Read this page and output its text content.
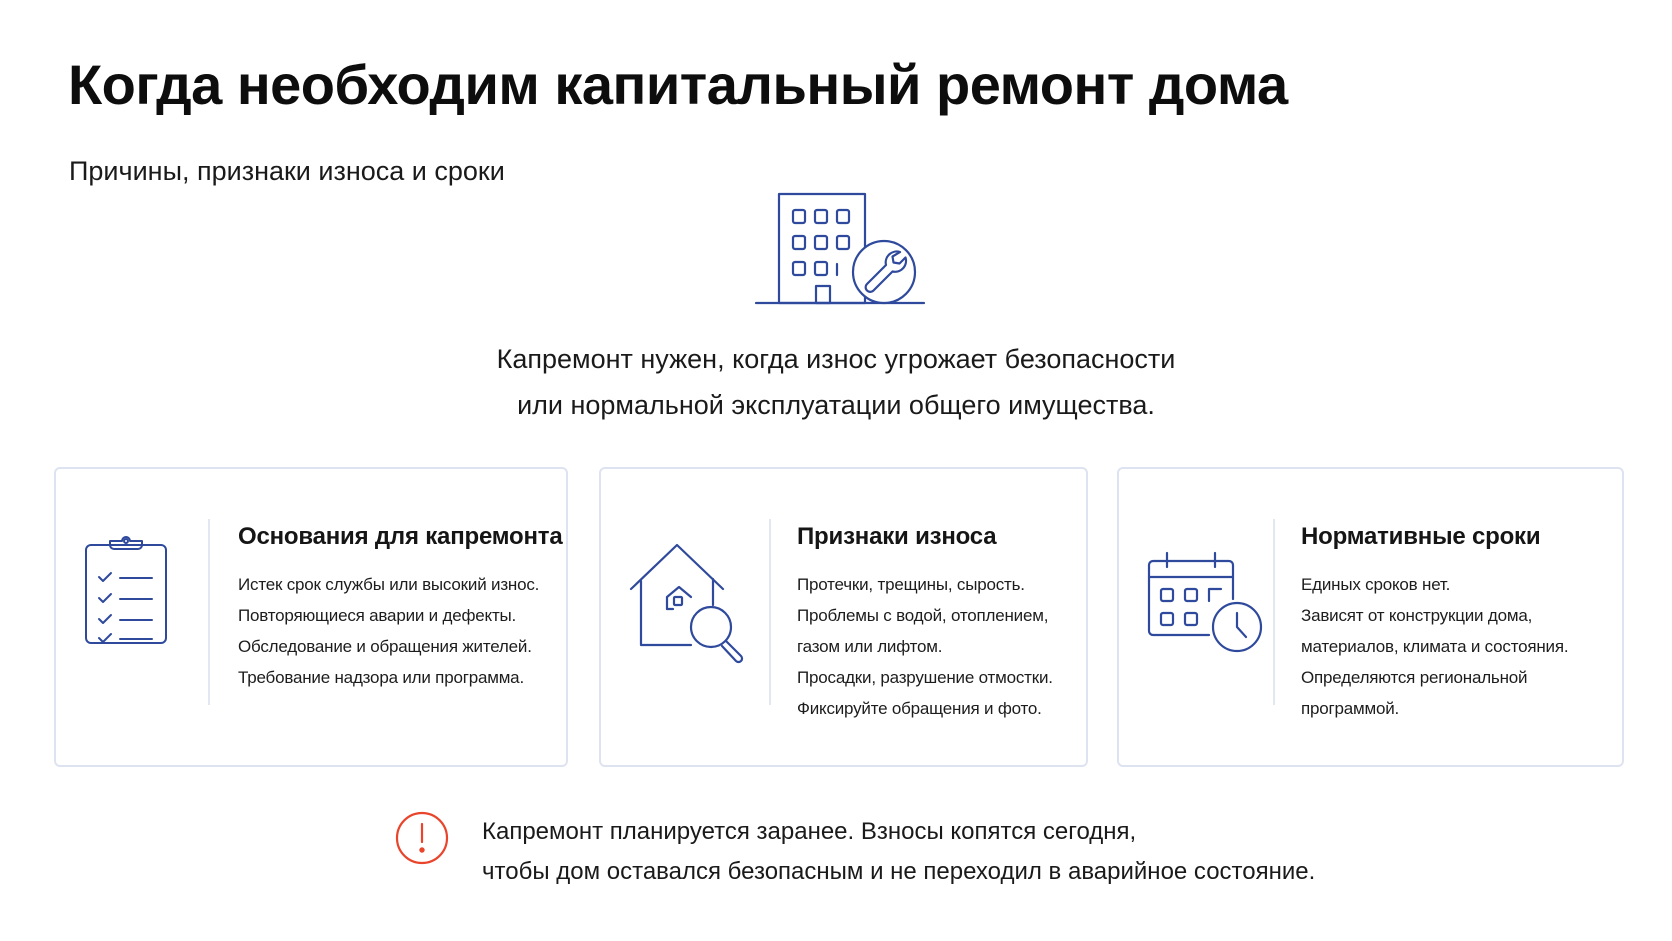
Когда необходим капитальный ремонт дома
Причины, признаки износа и сроки
Капремонт нужен, когда износ угрожает безопасности
или нормальной эксплуатации общего имущества.
Основания для капремонта
Истек срок службы или высокий износ.
Повторяющиеся аварии и дефекты.
Обследование и обращения жителей.
Требование надзора или программа.
Признаки износа
Протечки, трещины, сырость.
Проблемы с водой, отоплением,
газом или лифтом.
Просадки, разрушение отмостки.
Фиксируйте обращения и фото.
Нормативные сроки
Единых сроков нет.
Зависят от конструкции дома,
материалов, климата и состояния.
Определяются региональной
программой.
Капремонт планируется заранее. Взносы копятся сегодня,
чтобы дом оставался безопасным и не переходил в аварийное состояние.
